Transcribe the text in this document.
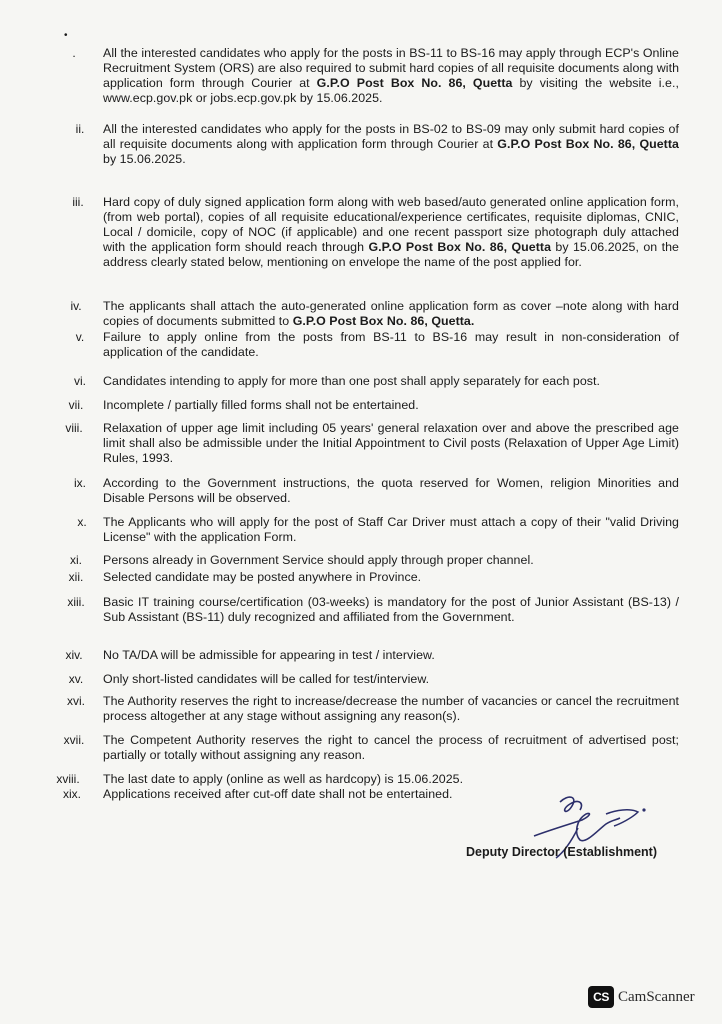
•
.	All the interested candidates who apply for the posts in BS-11 to BS-16 may apply through ECP's Online Recruitment System (ORS) are also required to submit hard copies of all requisite documents along with application form through Courier at G.P.O Post Box No. 86, Quetta by visiting the website i.e., www.ecp.gov.pk or jobs.ecp.gov.pk by 15.06.2025.
ii.	All the interested candidates who apply for the posts in BS-02 to BS-09 may only submit hard copies of all requisite documents along with application form through Courier at G.P.O Post Box No. 86, Quetta by 15.06.2025.
iii.	Hard copy of duly signed application form along with web based/auto generated online application form, (from web portal), copies of all requisite educational/experience certificates, requisite diplomas, CNIC, Local / domicile, copy of NOC (if applicable) and one recent passport size photograph duly attached with the application form should reach through G.P.O Post Box No. 86, Quetta by 15.06.2025, on the address clearly stated below, mentioning on envelope the name of the post applied for.
iv.	The applicants shall attach the auto-generated online application form as cover –note along with hard copies of documents submitted to G.P.O Post Box No. 86, Quetta.
v.	Failure to apply online from the posts from BS-11 to BS-16 may result in non-consideration of application of the candidate.
vi.	Candidates intending to apply for more than one post shall apply separately for each post.
vii.	Incomplete / partially filled forms shall not be entertained.
viii.	Relaxation of upper age limit including 05 years' general relaxation over and above the prescribed age limit shall also be admissible under the Initial Appointment to Civil posts (Relaxation of Upper Age Limit) Rules, 1993.
ix.	According to the Government instructions, the quota reserved for Women, religion Minorities and Disable Persons will be observed.
x.	The Applicants who will apply for the post of Staff Car Driver must attach a copy of their "valid Driving License" with the application Form.
xi.	Persons already in Government Service should apply through proper channel.
xii.	Selected candidate may be posted anywhere in Province.
xiii.	Basic IT training course/certification (03-weeks) is mandatory for the post of Junior Assistant (BS-13) / Sub Assistant (BS-11) duly recognized and affiliated from the Government.
xiv.	No TA/DA will be admissible for appearing in test / interview.
xv.	Only short-listed candidates will be called for test/interview.
xvi.	The Authority reserves the right to increase/decrease the number of vacancies or cancel the recruitment process altogether at any stage without assigning any reason(s).
xvii.	The Competent Authority reserves the right to cancel the process of recruitment of advertised post; partially or totally without assigning any reason.
xviii.	The last date to apply (online as well as hardcopy) is 15.06.2025.
xix.	Applications received after cut-off date shall not be entertained.
Deputy Director (Establishment)
CS CamScanner
